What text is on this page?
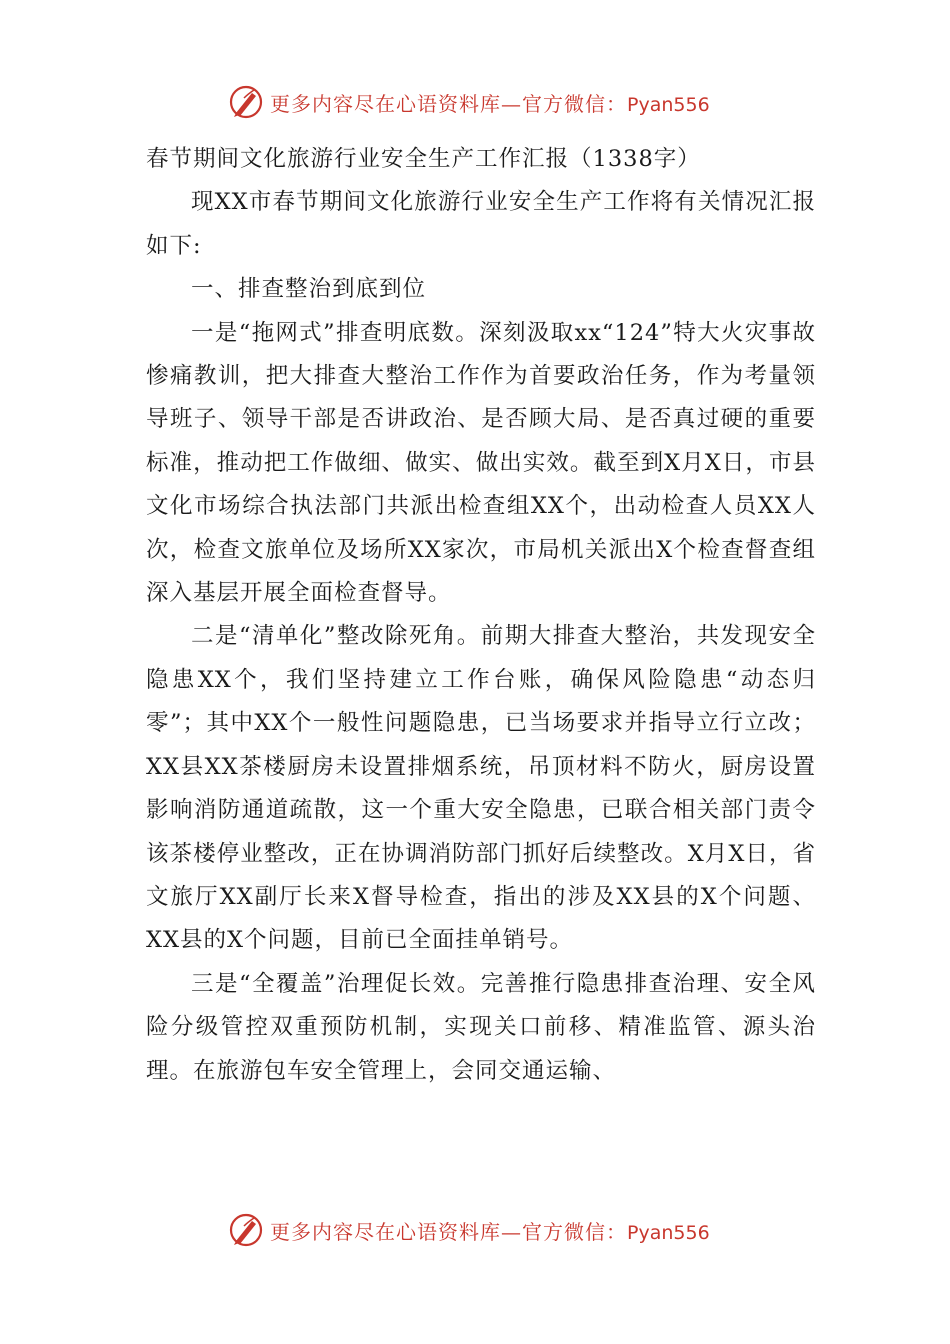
更多内容尽在心语资料库—官方微信：Pyan556

春节期间文化旅游行业安全生产工作汇报（1338字）

现XX市春节期间文化旅游行业安全生产工作将有关情况汇报如下:

一、排查整治到底到位

一是“拖网式”排查明底数。深刻汲取xx“124”特大火灾事故惨痛教训，把大排查大整治工作作为首要政治任务，作为考量领导班子、领导干部是否讲政治、是否顾大局、是否真过硬的重要标准，推动把工作做细、做实、做出实效。截至到X月X日，市县文化市场综合执法部门共派出检查组XX个，出动检查人员XX人次，检查文旅单位及场所XX家次，市局机关派出X个检查督查组深入基层开展全面检查督导。

二是“清单化”整改除死角。前期大排查大整治，共发现安全隐患XX个，我们坚持建立工作台账，确保风险隐患“动态归零”；其中XX个一般性问题隐患，已当场要求并指导立行立改；XX县XX茶楼厨房未设置排烟系统，吊顶材料不防火，厨房设置影响消防通道疏散，这一个重大安全隐患，已联合相关部门责令该茶楼停业整改，正在协调消防部门抓好后续整改。X月X日，省文旅厅XX副厅长来X督导检查，指出的涉及XX县的X个问题、XX县的X个问题，目前已全面挂单销号。

三是“全覆盖”治理促长效。完善推行隐患排查治理、安全风险分级管控双重预防机制，实现关口前移、精准监管、源头治理。在旅游包车安全管理上，会同交通运输、

更多内容尽在心语资料库—官方微信：Pyan556
